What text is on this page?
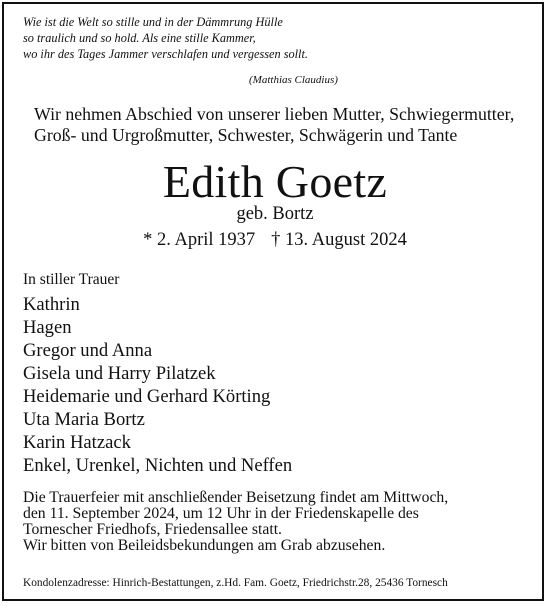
Wie ist die Welt so stille und in der Dämmrung Hülle
so traulich und so hold. Als eine stille Kammer,
wo ihr des Tages Jammer verschlafen und vergessen sollt.
(Matthias Claudius)
Wir nehmen Abschied von unserer lieben Mutter, Schwiegermutter,
Groß- und Urgroßmutter, Schwester, Schwägerin und Tante
Edith Goetz
geb. Bortz
* 2. April 1937 † 13. August 2024
In stiller Trauer
Kathrin
Hagen
Gregor und Anna
Gisela und Harry Pilatzek
Heidemarie und Gerhard Körting
Uta Maria Bortz
Karin Hatzack
Enkel, Urenkel, Nichten und Neffen
Die Trauerfeier mit anschließender Beisetzung findet am Mittwoch,
den 11. September 2024, um 12 Uhr in der Friedenskapelle des
Tornescher Friedhofs, Friedensallee statt.
Wir bitten von Beileidsbekundungen am Grab abzusehen.
Kondolenzadresse: Hinrich-Bestattungen, z.Hd. Fam. Goetz, Friedrichstr.28, 25436 Tornesch
